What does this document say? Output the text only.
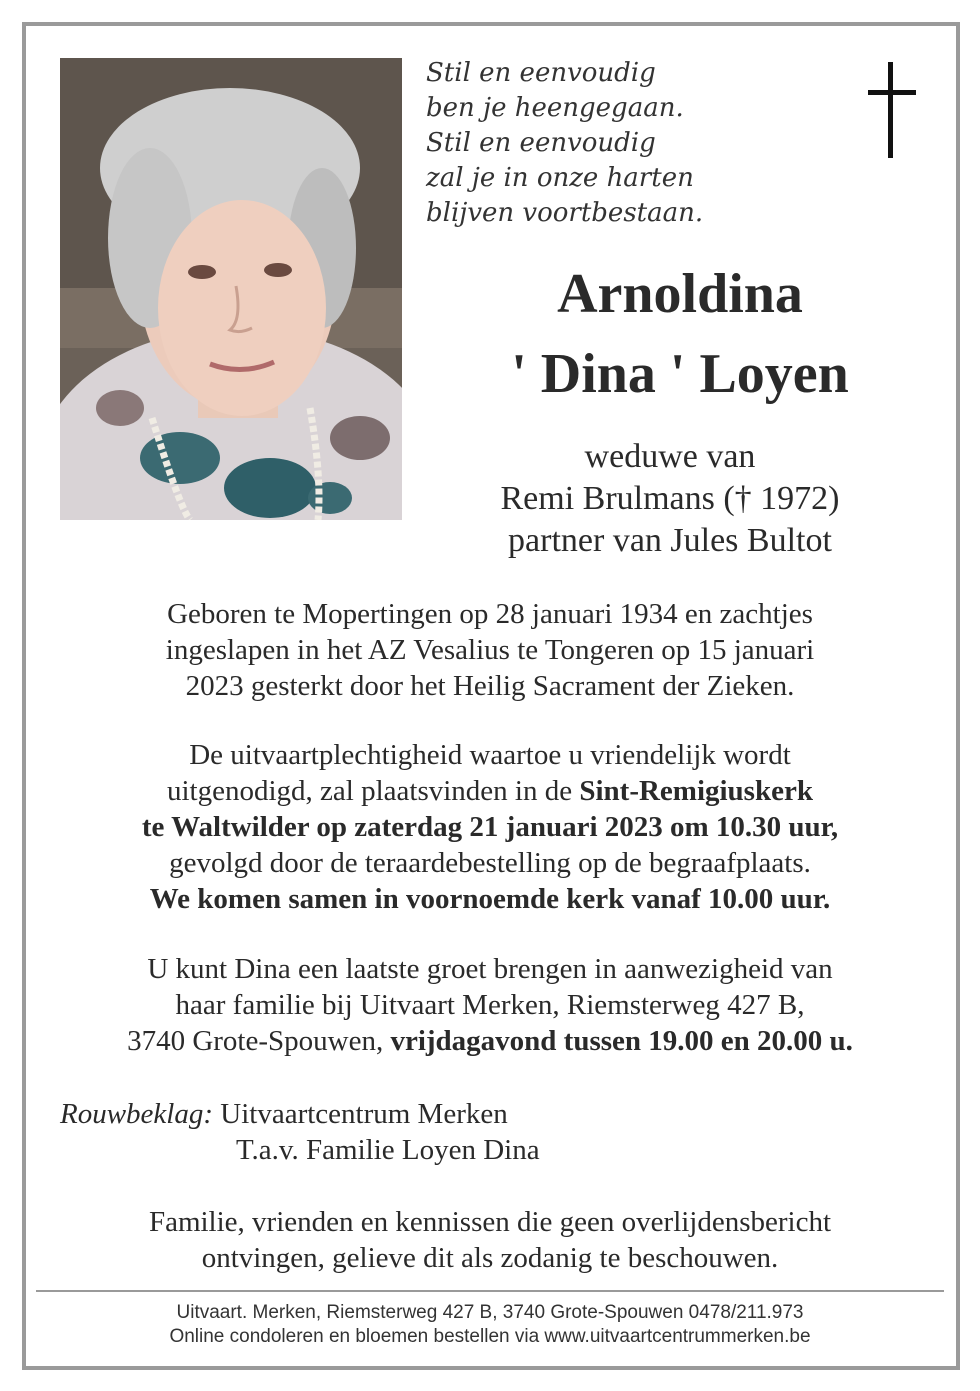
Stil en eenvoudig
ben je heengegaan.
Stil en eenvoudig
zal je in onze harten
blijven voortbestaan.
Arnoldina
' Dina ' Loyen
weduwe van
Remi Brulmans († 1972)
partner van Jules Bultot
Geboren te Mopertingen op 28 januari 1934 en zachtjes
ingeslapen in het AZ Vesalius te Tongeren op 15 januari
2023 gesterkt door het Heilig Sacrament der Zieken.
De uitvaartplechtigheid waartoe u vriendelijk wordt
uitgenodigd, zal plaatsvinden in de Sint-Remigiuskerk
te Waltwilder op zaterdag 21 januari 2023 om 10.30 uur,
gevolgd door de teraardebestelling op de begraafplaats.
We komen samen in voornoemde kerk vanaf 10.00 uur.
U kunt Dina een laatste groet brengen in aanwezigheid van
haar familie bij Uitvaart Merken, Riemsterweg 427 B,
3740 Grote-Spouwen, vrijdagavond tussen 19.00 en 20.00 u.
Rouwbeklag: Uitvaartcentrum Merken
T.a.v. Familie Loyen Dina
Familie, vrienden en kennissen die geen overlijdensbericht
ontvingen, gelieve dit als zodanig te beschouwen.
Uitvaart. Merken, Riemsterweg 427 B, 3740 Grote-Spouwen 0478/211.973
Online condoleren en bloemen bestellen via www.uitvaartcentrummerken.be
